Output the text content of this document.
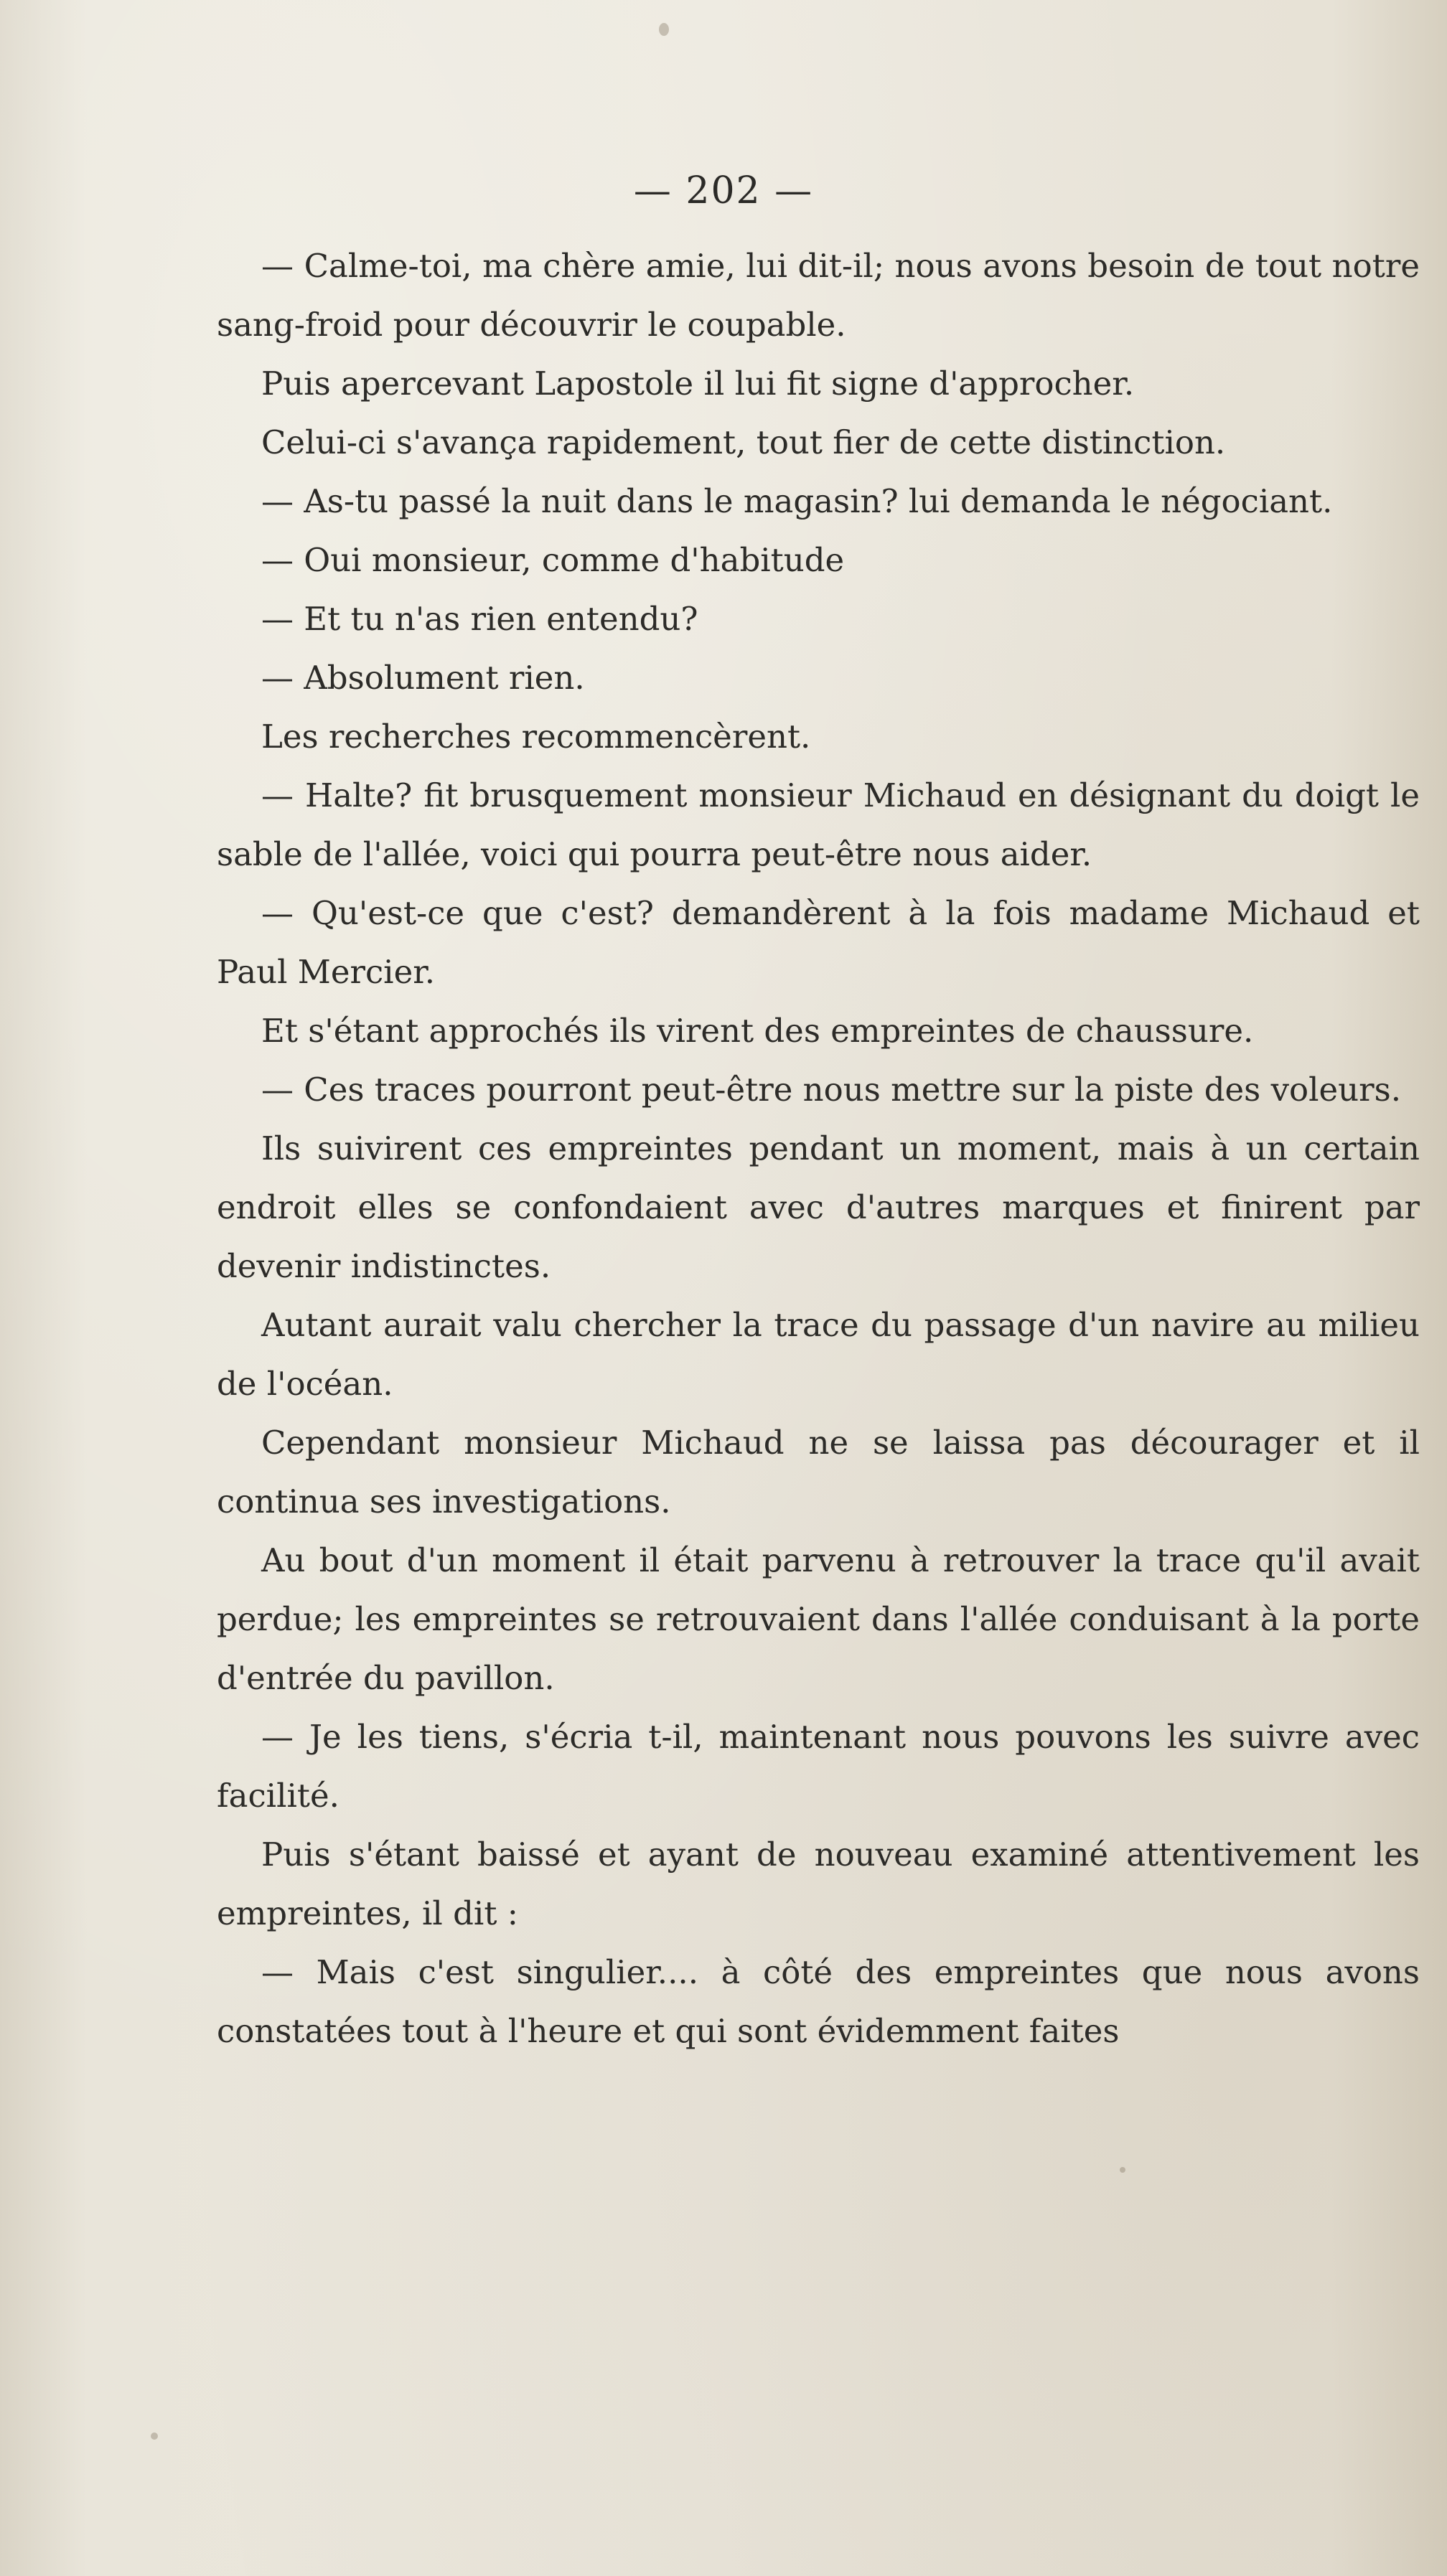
— 202 —

— Calme-toi, ma chère amie, lui dit-il; nous avons besoin de tout notre sang-froid pour découvrir le coupable.

Puis apercevant Lapostole il lui fit signe d'approcher.

Celui-ci s'avança rapidement, tout fier de cette distinction.

— As-tu passé la nuit dans le magasin? lui demanda le négociant.

— Oui monsieur, comme d'habitude

— Et tu n'as rien entendu?

— Absolument rien.

Les recherches recommencèrent.

— Halte? fit brusquement monsieur Michaud en désignant du doigt le sable de l'allée, voici qui pourra peut-être nous aider.

— Qu'est-ce que c'est? demandèrent à la fois madame Michaud et Paul Mercier.

Et s'étant approchés ils virent des empreintes de chaussure.

— Ces traces pourront peut-être nous mettre sur la piste des voleurs.

Ils suivirent ces empreintes pendant un moment, mais à un certain endroit elles se confondaient avec d'autres marques et finirent par devenir indistinctes.

Autant aurait valu chercher la trace du passage d'un navire au milieu de l'océan.

Cependant monsieur Michaud ne se laissa pas décourager et il continua ses investigations.

Au bout d'un moment il était parvenu à retrouver la trace qu'il avait perdue; les empreintes se retrouvaient dans l'allée conduisant à la porte d'entrée du pavillon.

— Je les tiens, s'écria t-il, maintenant nous pouvons les suivre avec facilité.

Puis s'étant baissé et ayant de nouveau examiné attentivement les empreintes, il dit :

— Mais c'est singulier.... à côté des empreintes que nous avons constatées tout à l'heure et qui sont évidemment faites
